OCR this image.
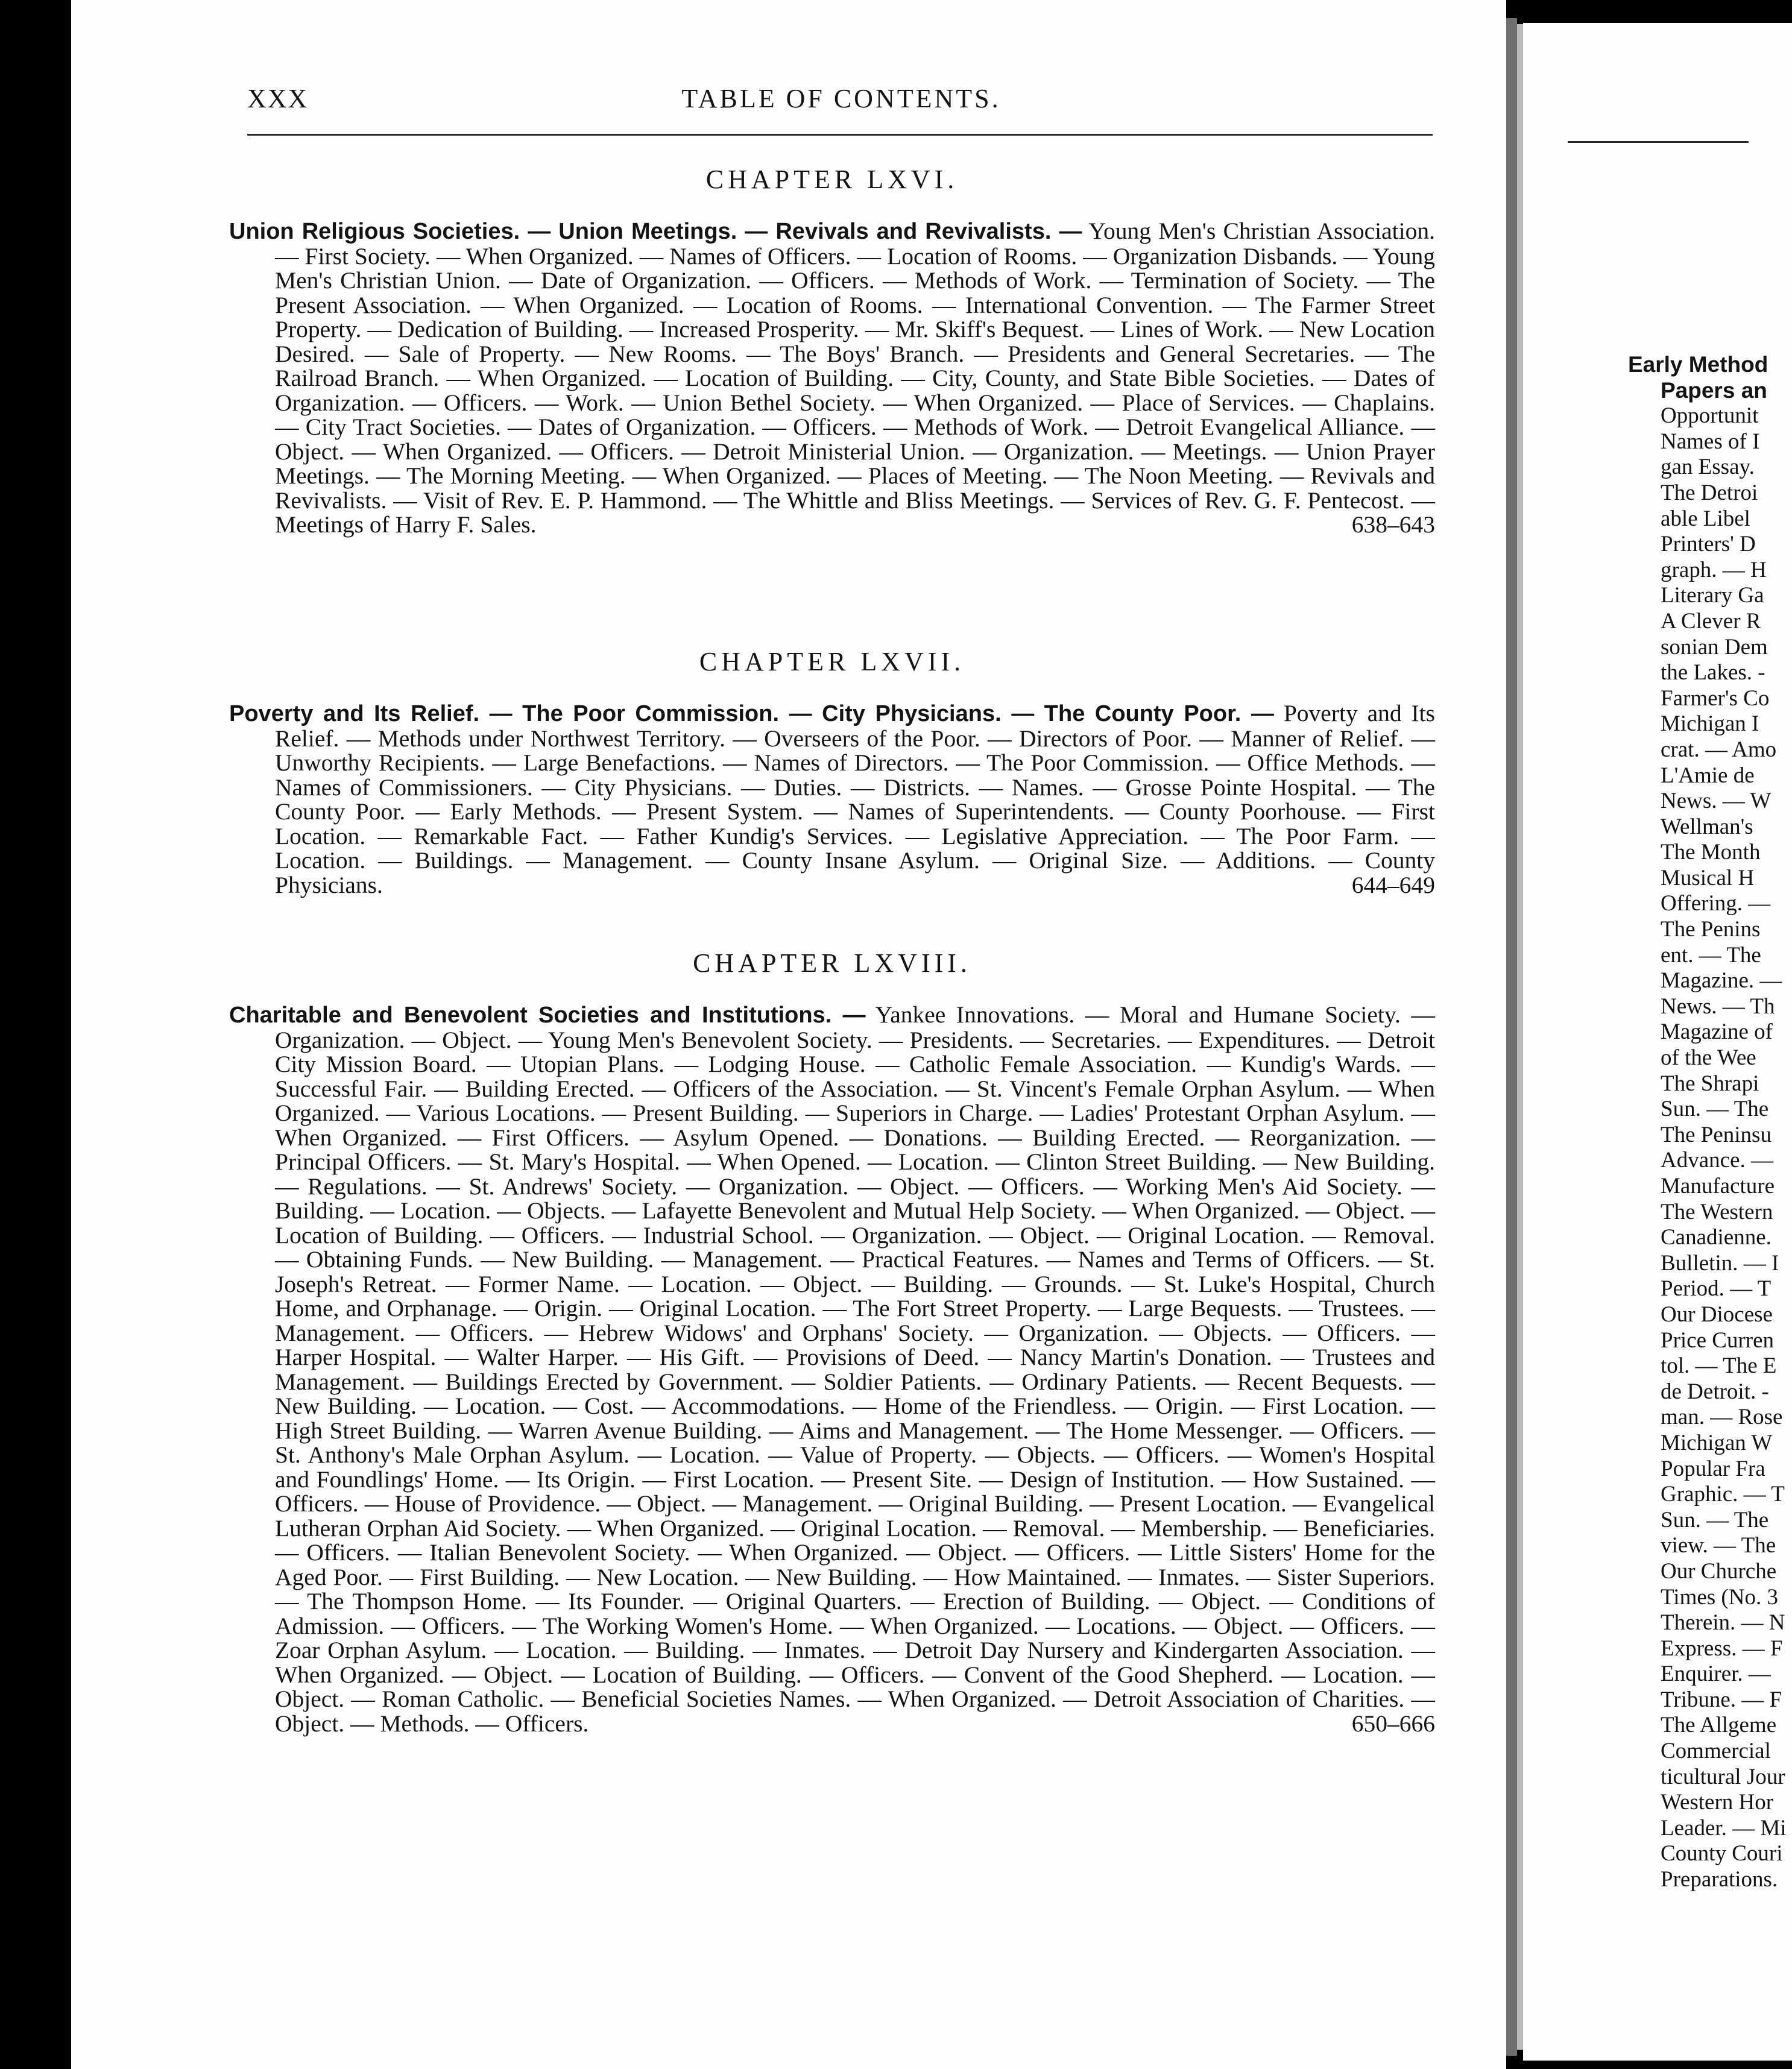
XXX	TABLE OF CONTENTS.

CHAPTER LXVI.

Union Religious Societies. — Union Meetings. — Revivals and Revivalists. — Young Men's Christian Association. — First Society. — When Organized. — Names of Officers. — Location of Rooms. — Organization Disbands. — Young Men's Christian Union. — Date of Organization. — Officers. — Methods of Work. — Termination of Society. — The Present Association. — When Organized. — Location of Rooms. — International Convention. — The Farmer Street Property. — Dedication of Building. — Increased Prosperity. — Mr. Skiff's Bequest. — Lines of Work. — New Location Desired. — Sale of Property. — New Rooms. — The Boys' Branch. — Presidents and General Secretaries. — The Railroad Branch. — When Organized. — Location of Building. — City, County, and State Bible Societies. — Dates of Organization. — Officers. — Work. — Union Bethel Society. — When Organized. — Place of Services. — Chaplains. — City Tract Societies. — Dates of Organization. — Officers. — Methods of Work. — Detroit Evangelical Alliance. — Object. — When Organized. — Officers. — Detroit Ministerial Union. — Organization. — Meetings. — Union Prayer Meetings. — The Morning Meeting. — When Organized. — Places of Meeting. — The Noon Meeting. — Revivals and Revivalists. — Visit of Rev. E. P. Hammond. — The Whittle and Bliss Meetings. — Services of Rev. G. F. Pentecost. — Meetings of Harry F. Sales.	638–643

CHAPTER LXVII.

Poverty and Its Relief. — The Poor Commission. — City Physicians. — The County Poor. — Poverty and Its Relief. — Methods under Northwest Territory. — Overseers of the Poor. — Directors of Poor. — Manner of Relief. — Unworthy Recipients. — Large Benefactions. — Names of Directors. — The Poor Commission. — Office Methods. — Names of Commissioners. — City Physicians. — Duties. — Districts. — Names. — Grosse Pointe Hospital. — The County Poor. — Early Methods. — Present System. — Names of Superintendents. — County Poorhouse. — First Location. — Remarkable Fact. — Father Kundig's Services. — Legislative Appreciation. — The Poor Farm. — Location. — Buildings. — Management. — County Insane Asylum. — Original Size. — Additions. — County Physicians.	644–649

CHAPTER LXVIII.

Charitable and Benevolent Societies and Institutions. — Yankee Innovations. — Moral and Humane Society. — Organization. — Object. — Young Men's Benevolent Society. — Presidents. — Secretaries. — Expenditures. — Detroit City Mission Board. — Utopian Plans. — Lodging House. — Catholic Female Association. — Kundig's Wards. — Successful Fair. — Building Erected. — Officers of the Association. — St. Vincent's Female Orphan Asylum. — When Organized. — Various Locations. — Present Building. — Superiors in Charge. — Ladies' Protestant Orphan Asylum. — When Organized. — First Officers. — Asylum Opened. — Donations. — Building Erected. — Reorganization. — Principal Officers. — St. Mary's Hospital. — When Opened. — Location. — Clinton Street Building. — New Building. — Regulations. — St. Andrews' Society. — Organization. — Object. — Officers. — Working Men's Aid Society. — Building. — Location. — Objects. — Lafayette Benevolent and Mutual Help Society. — When Organized. — Object. — Location of Building. — Officers. — Industrial School. — Organization. — Object. — Original Location. — Removal. — Obtaining Funds. — New Building. — Management. — Practical Features. — Names and Terms of Officers. — St. Joseph's Retreat. — Former Name. — Location. — Object. — Building. — Grounds. — St. Luke's Hospital, Church Home, and Orphanage. — Origin. — Original Location. — The Fort Street Property. — Large Bequests. — Trustees. — Management. — Officers. — Hebrew Widows' and Orphans' Society. — Organization. — Objects. — Officers. — Harper Hospital. — Walter Harper. — His Gift. — Provisions of Deed. — Nancy Martin's Donation. — Trustees and Management. — Buildings Erected by Government. — Soldier Patients. — Ordinary Patients. — Recent Bequests. — New Building. — Location. — Cost. — Accommodations. — Home of the Friendless. — Origin. — First Location. — High Street Building. — Warren Avenue Building. — Aims and Management. — The Home Messenger. — Officers. — St. Anthony's Male Orphan Asylum. — Location. — Value of Property. — Objects. — Officers. — Women's Hospital and Foundlings' Home. — Its Origin. — First Location. — Present Site. — Design of Institution. — How Sustained. — Officers. — House of Providence. — Object. — Management. — Original Building. — Present Location. — Evangelical Lutheran Orphan Aid Society. — When Organized. — Original Location. — Removal. — Membership. — Beneficiaries. — Officers. — Italian Benevolent Society. — When Organized. — Object. — Officers. — Little Sisters' Home for the Aged Poor. — First Building. — New Location. — New Building. — How Maintained. — Inmates. — Sister Superiors. — The Thompson Home. — Its Founder. — Original Quarters. — Erection of Building. — Object. — Conditions of Admission. — Officers. — The Working Women's Home. — When Organized. — Locations. — Object. — Officers. — Zoar Orphan Asylum. — Location. — Building. — Inmates. — Detroit Day Nursery and Kindergarten Association. — When Organized. — Object. — Location of Building. — Officers. — Convent of the Good Shepherd. — Location. — Object. — Roman Catholic. — Beneficial Societies Names. — When Organized. — Detroit Association of Charities. — Object. — Methods. — Officers.	650–666

Early Method
Papers an
Opportunit
Names of I
gan Essay.
The Detroi
able Libel
Printers' D
graph. — H
Literary Ga
A Clever R
sonian Dem
the Lakes. -
Farmer's Co
Michigan I
crat. — Amo
L'Amie de
News. — W
Wellman's
The Month
Musical H
Offering. —
The Penins
ent. — The
Magazine. —
News. — Th
Magazine of
of the Wee
The Shrapi
Sun. — The
The Peninsu
Advance. —
Manufacture
The Western
Canadienne.
Bulletin. — I
Period. — T
Our Diocese
Price Curren
tol. — The E
de Detroit. -
man. — Rose
Michigan W
Popular Fra
Graphic. — T
Sun. — The
view. — The
Our Churche
Times (No. 3
Therein. — N
Express. — F
Enquirer. —
Tribune. — F
The Allgeme
Commercial
ticultural Jour
Western Hor
Leader. — Mi
County Couri
Preparations.
